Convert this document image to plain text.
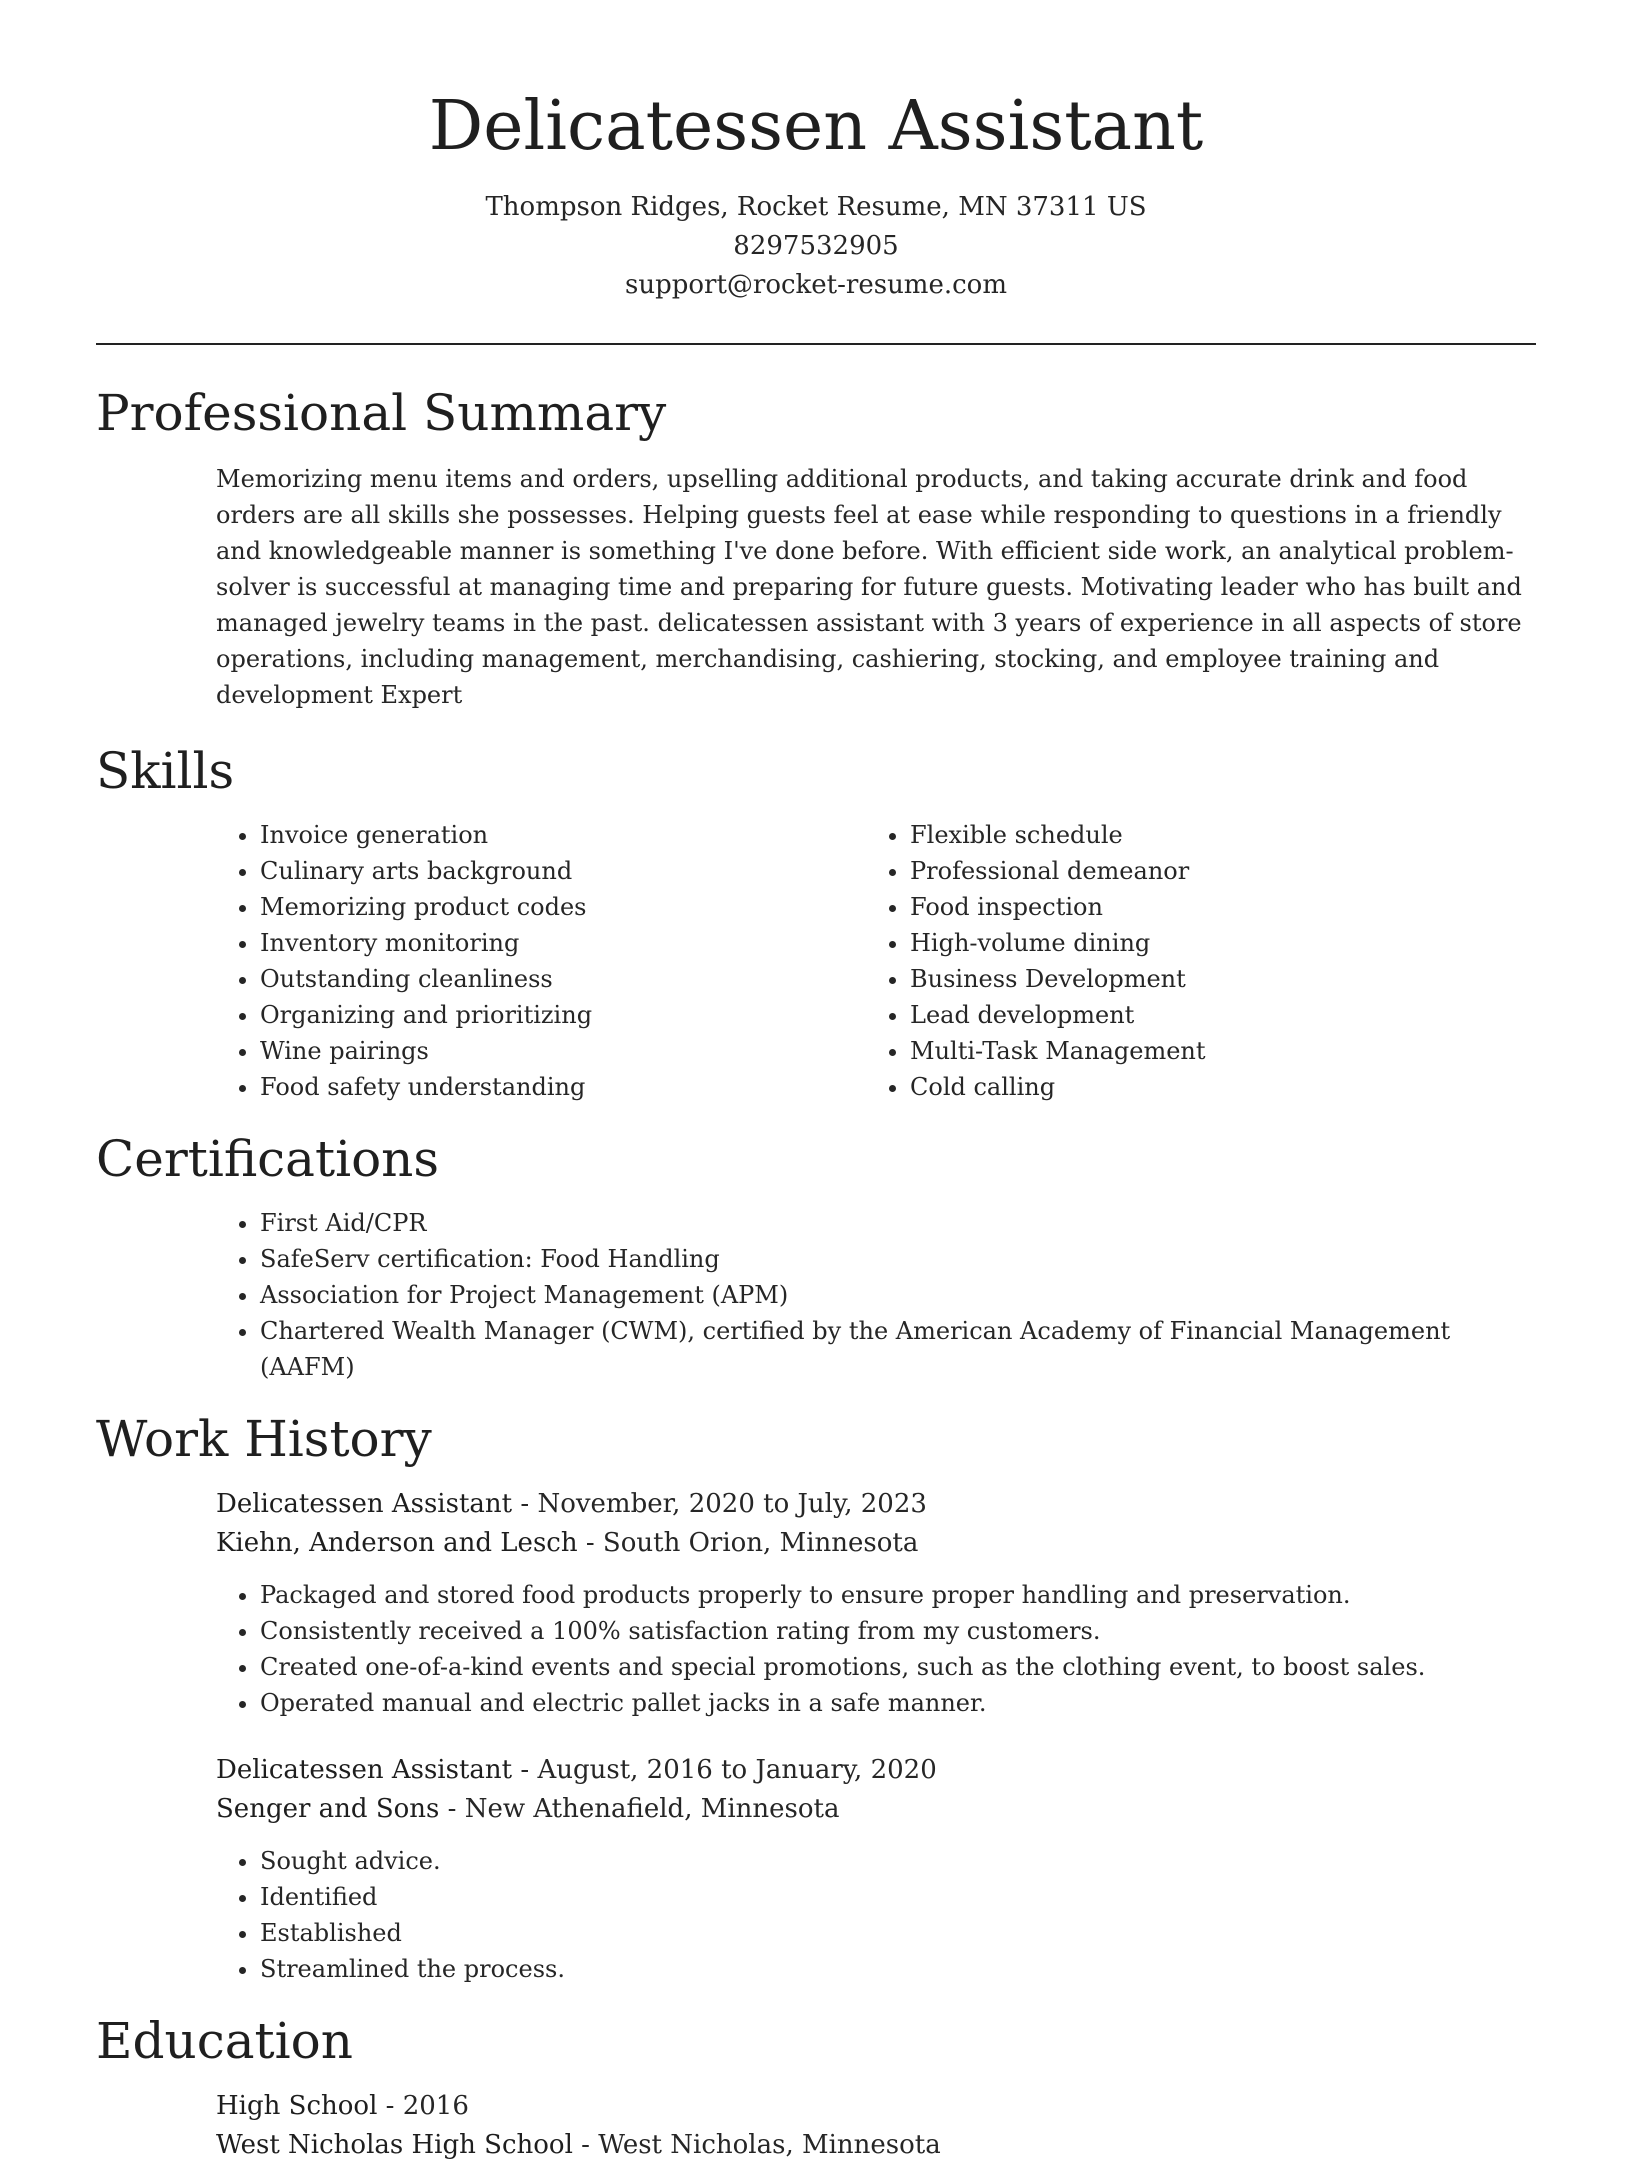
Delicatessen Assistant
Thompson Ridges, Rocket Resume, MN 37311 US
8297532905
support@rocket-resume.com
Professional Summary

Memorizing menu items and orders, upselling additional products, and taking accurate drink and food orders are all skills she possesses. Helping guests feel at ease while responding to questions in a friendly and knowledgeable manner is something I've done before. With efficient side work, an analytical problem-solver is successful at managing time and preparing for future guests. Motivating leader who has built and managed jewelry teams in the past. delicatessen assistant with 3 years of experience in all aspects of store operations, including management, merchandising, cashiering, stocking, and employee training and development Expert

Skills
• Invoice generation
• Culinary arts background
• Memorizing product codes
• Inventory monitoring
• Outstanding cleanliness
• Organizing and prioritizing
• Wine pairings
• Food safety understanding
• Flexible schedule
• Professional demeanor
• Food inspection
• High-volume dining
• Business Development
• Lead development
• Multi-Task Management
• Cold calling
Certifications
• First Aid/CPR
• SafeServ certification: Food Handling
• Association for Project Management (APM)
• Chartered Wealth Manager (CWM), certified by the American Academy of Financial Management (AAFM)
Work History
Delicatessen Assistant - November, 2020 to July, 2023
Kiehn, Anderson and Lesch - South Orion, Minnesota
• Packaged and stored food products properly to ensure proper handling and preservation.
• Consistently received a 100% satisfaction rating from my customers.
• Created one-of-a-kind events and special promotions, such as the clothing event, to boost sales.
• Operated manual and electric pallet jacks in a safe manner.
Delicatessen Assistant - August, 2016 to January, 2020
Senger and Sons - New Athenafield, Minnesota
• Sought advice.
• Identified
• Established
• Streamlined the process.
Education
High School - 2016
West Nicholas High School - West Nicholas, Minnesota
